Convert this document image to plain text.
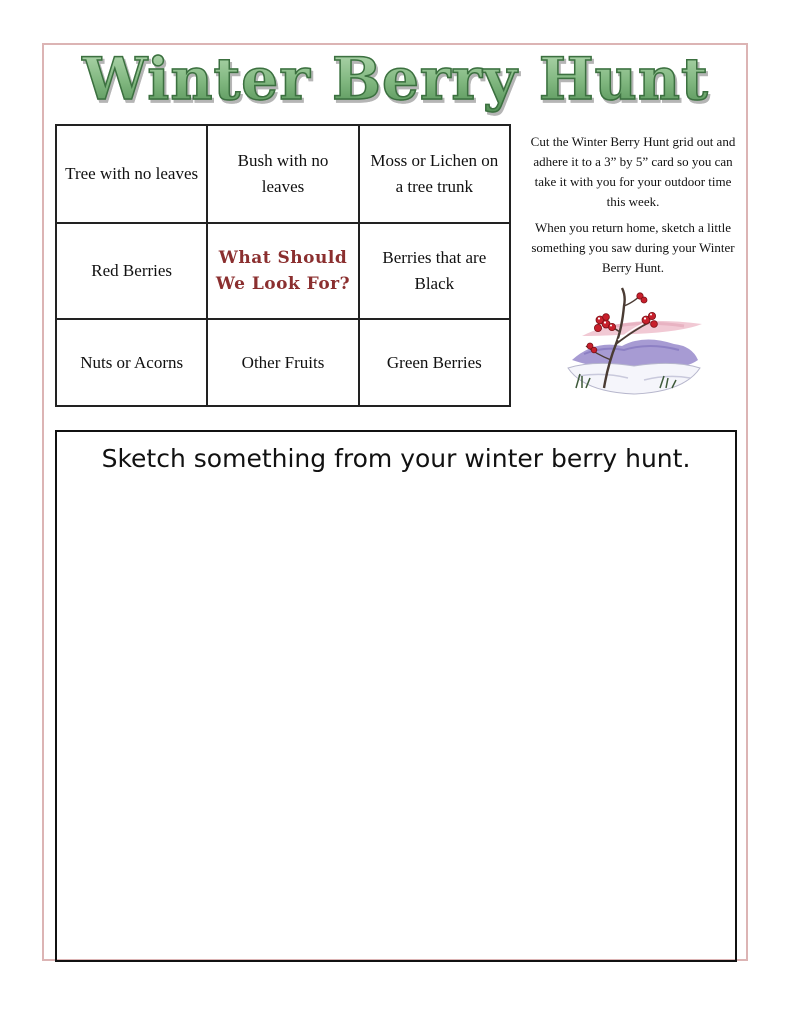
Winter Berry Hunt
Tree with no leaves	Bush with no leaves	Moss or Lichen on a tree trunk
Red Berries	What Should We Look For?	Berries that are Black
Nuts or Acorns	Other Fruits	Green Berries

Cut the Winter Berry Hunt grid out and adhere it to a 3” by 5” card so you can take it with you for your outdoor time this week.

When you return home, sketch a little something you saw during your Winter Berry Hunt.

Sketch something from your winter berry hunt.
